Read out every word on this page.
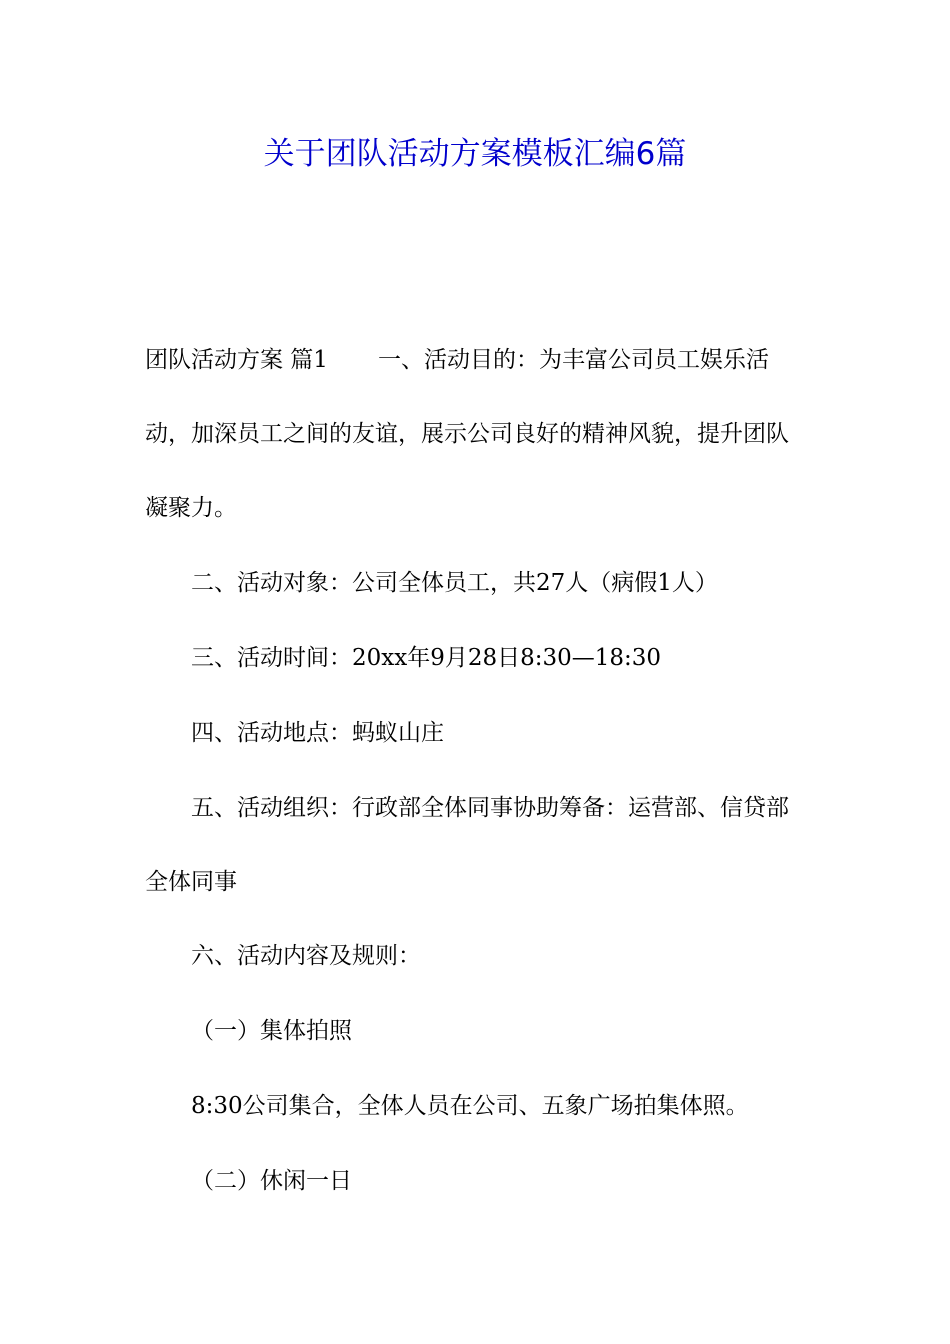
关于团队活动方案模板汇编6篇

团队活动方案 篇1 一、活动目的：为丰富公司员工娱乐活动，加深员工之间的友谊，展示公司良好的精神风貌，提升团队凝聚力。

二、活动对象：公司全体员工，共27人（病假1人）

三、活动时间：20xx年9月28日8:30—18:30

四、活动地点：蚂蚁山庄

五、活动组织：行政部全体同事协助筹备：运营部、信贷部全体同事

六、活动内容及规则：

（一）集体拍照

8:30公司集合，全体人员在公司、五象广场拍集体照。

（二）休闲一日
